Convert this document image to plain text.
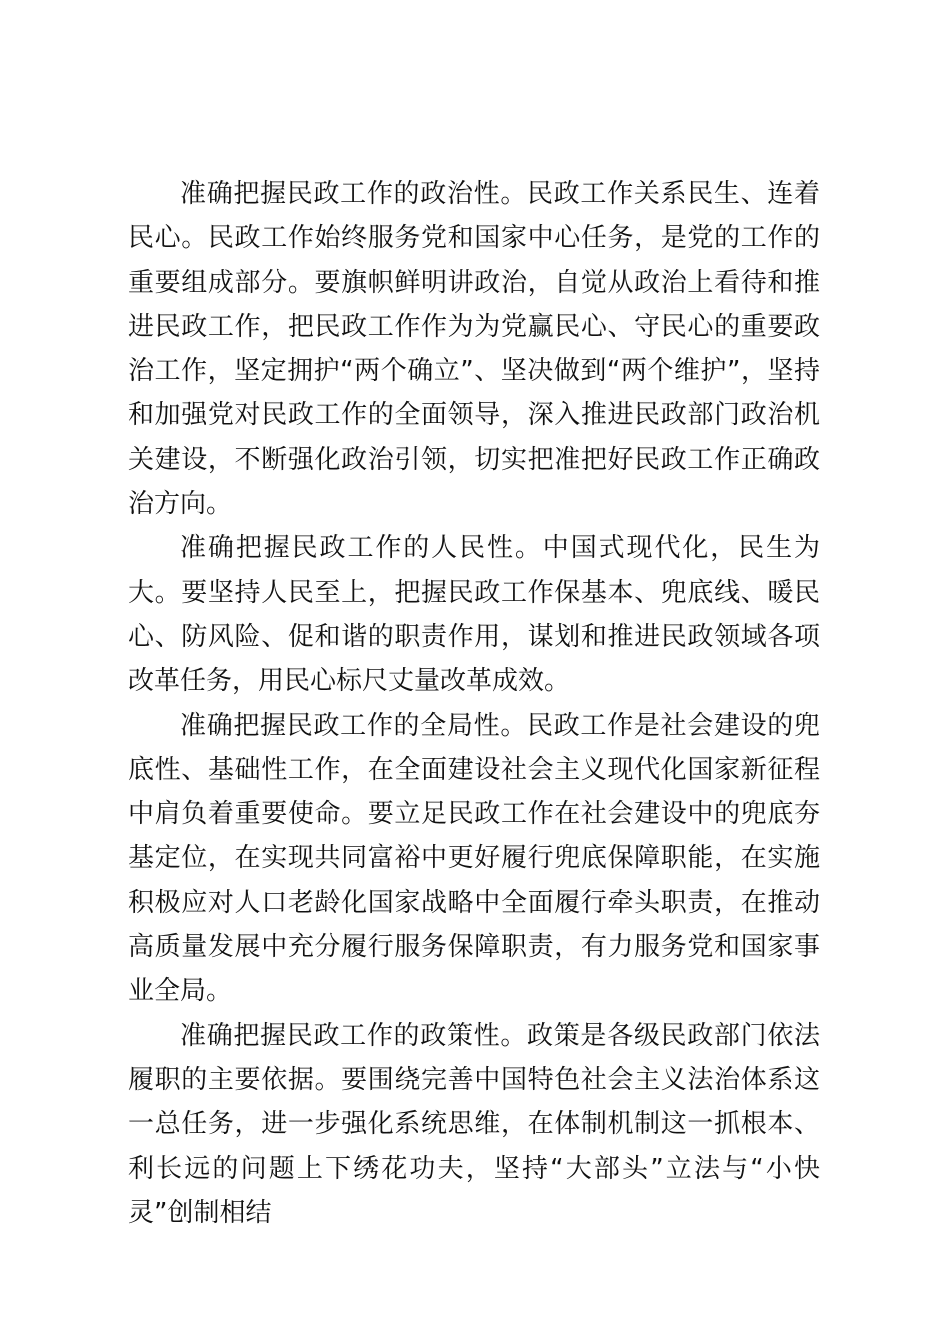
准确把握民政工作的政治性。民政工作关系民生、连着民心。民政工作始终服务党和国家中心任务，是党的工作的重要组成部分。要旗帜鲜明讲政治，自觉从政治上看待和推进民政工作，把民政工作作为为党赢民心、守民心的重要政治工作，坚定拥护“两个确立”、坚决做到“两个维护”，坚持和加强党对民政工作的全面领导，深入推进民政部门政治机关建设，不断强化政治引领，切实把准把好民政工作正确政治方向。

准确把握民政工作的人民性。中国式现代化，民生为大。要坚持人民至上，把握民政工作保基本、兜底线、暖民心、防风险、促和谐的职责作用，谋划和推进民政领域各项改革任务，用民心标尺丈量改革成效。

准确把握民政工作的全局性。民政工作是社会建设的兜底性、基础性工作，在全面建设社会主义现代化国家新征程中肩负着重要使命。要立足民政工作在社会建设中的兜底夯基定位，在实现共同富裕中更好履行兜底保障职能，在实施积极应对人口老龄化国家战略中全面履行牵头职责，在推动高质量发展中充分履行服务保障职责，有力服务党和国家事业全局。

准确把握民政工作的政策性。政策是各级民政部门依法履职的主要依据。要围绕完善中国特色社会主义法治体系这一总任务，进一步强化系统思维，在体制机制这一抓根本、利长远的问题上下绣花功夫，坚持“大部头”立法与“小快灵”创制相结
